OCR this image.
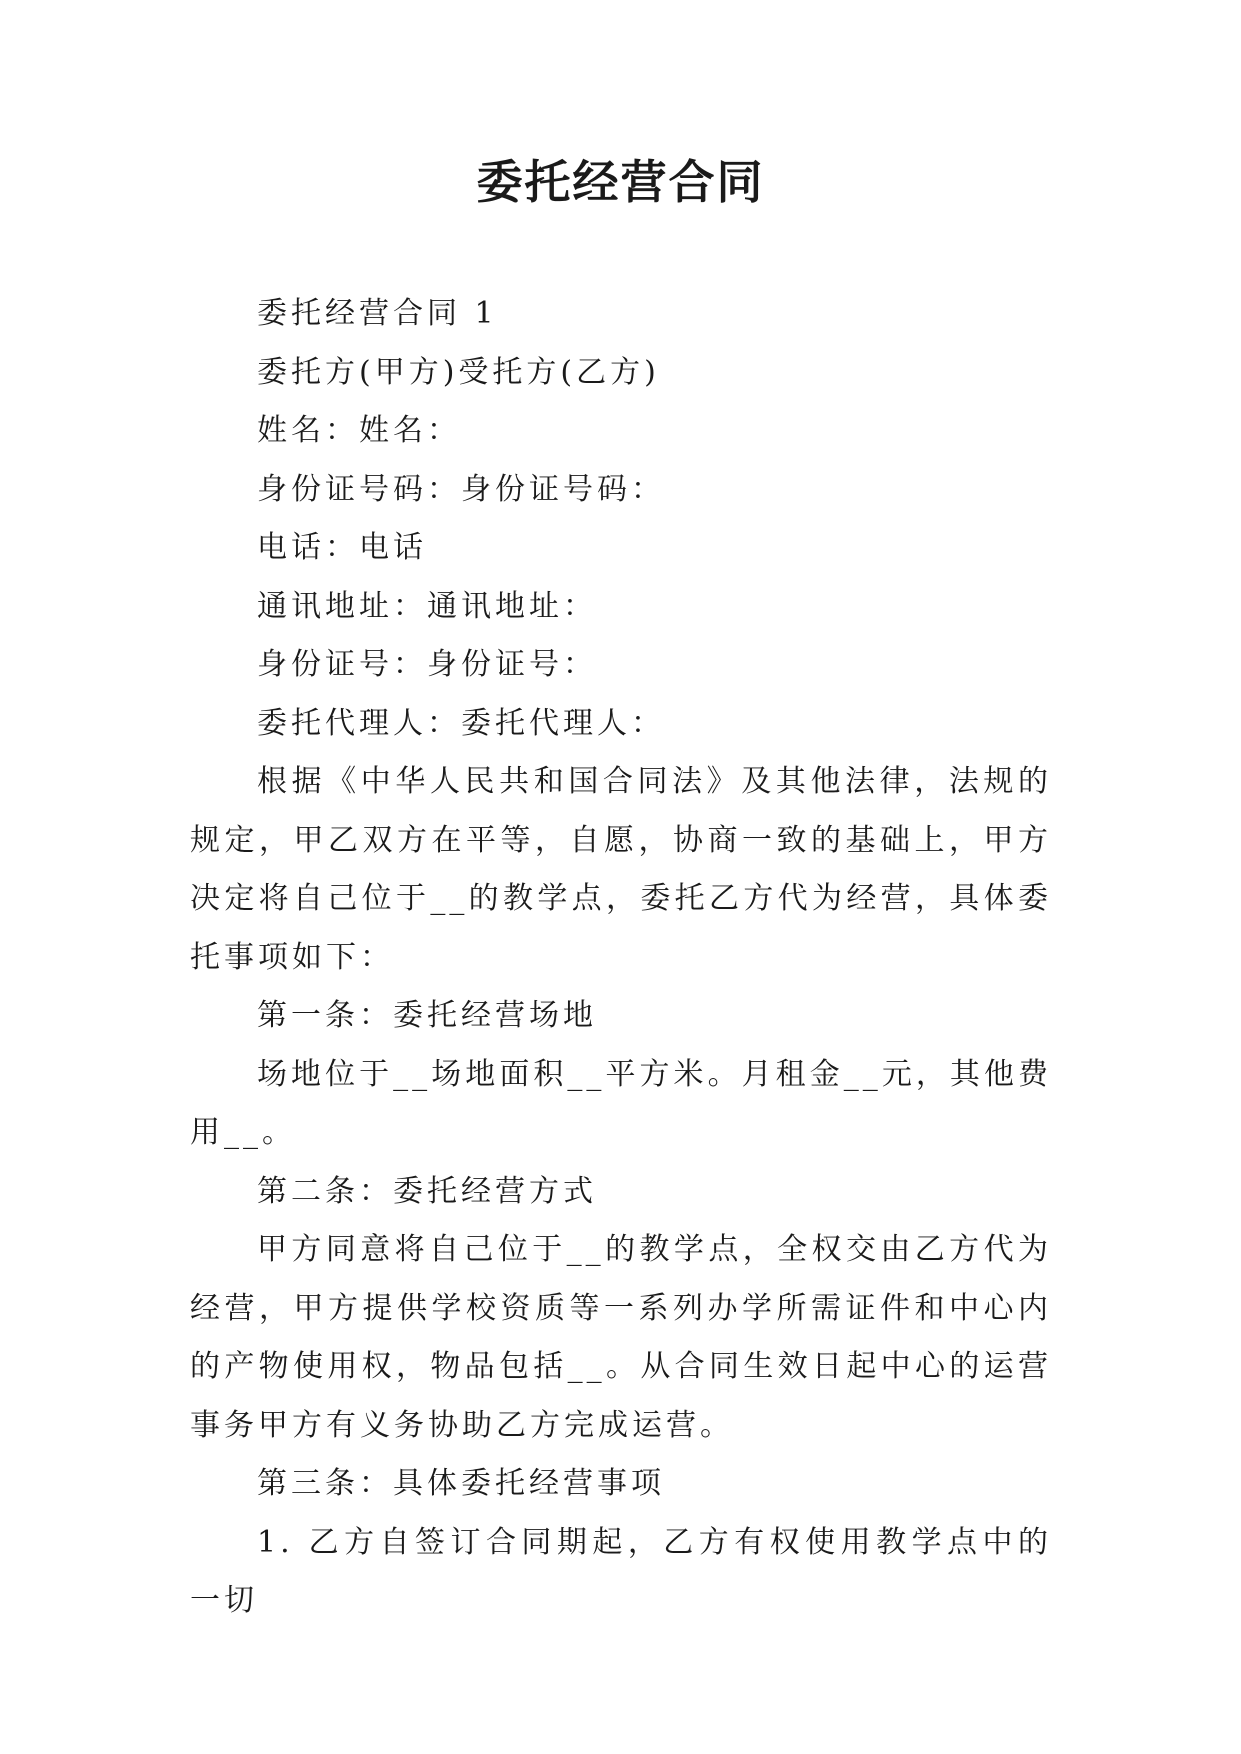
委托经营合同

委托经营合同 1

委托方(甲方)受托方(乙方)

姓名：姓名：

身份证号码：身份证号码：

电话：电话

通讯地址：通讯地址：

身份证号：身份证号：

委托代理人：委托代理人：

根据《中华人民共和国合同法》及其他法律，法规的规定，甲乙双方在平等，自愿，协商一致的基础上，甲方决定将自己位于__的教学点，委托乙方代为经营，具体委托事项如下：

第一条：委托经营场地

场地位于__场地面积__平方米。月租金__元，其他费用__。

第二条：委托经营方式

甲方同意将自己位于__的教学点，全权交由乙方代为经营，甲方提供学校资质等一系列办学所需证件和中心内的产物使用权，物品包括__。从合同生效日起中心的运营事务甲方有义务协助乙方完成运营。

第三条：具体委托经营事项

1. 乙方自签订合同期起，乙方有权使用教学点中的一切
